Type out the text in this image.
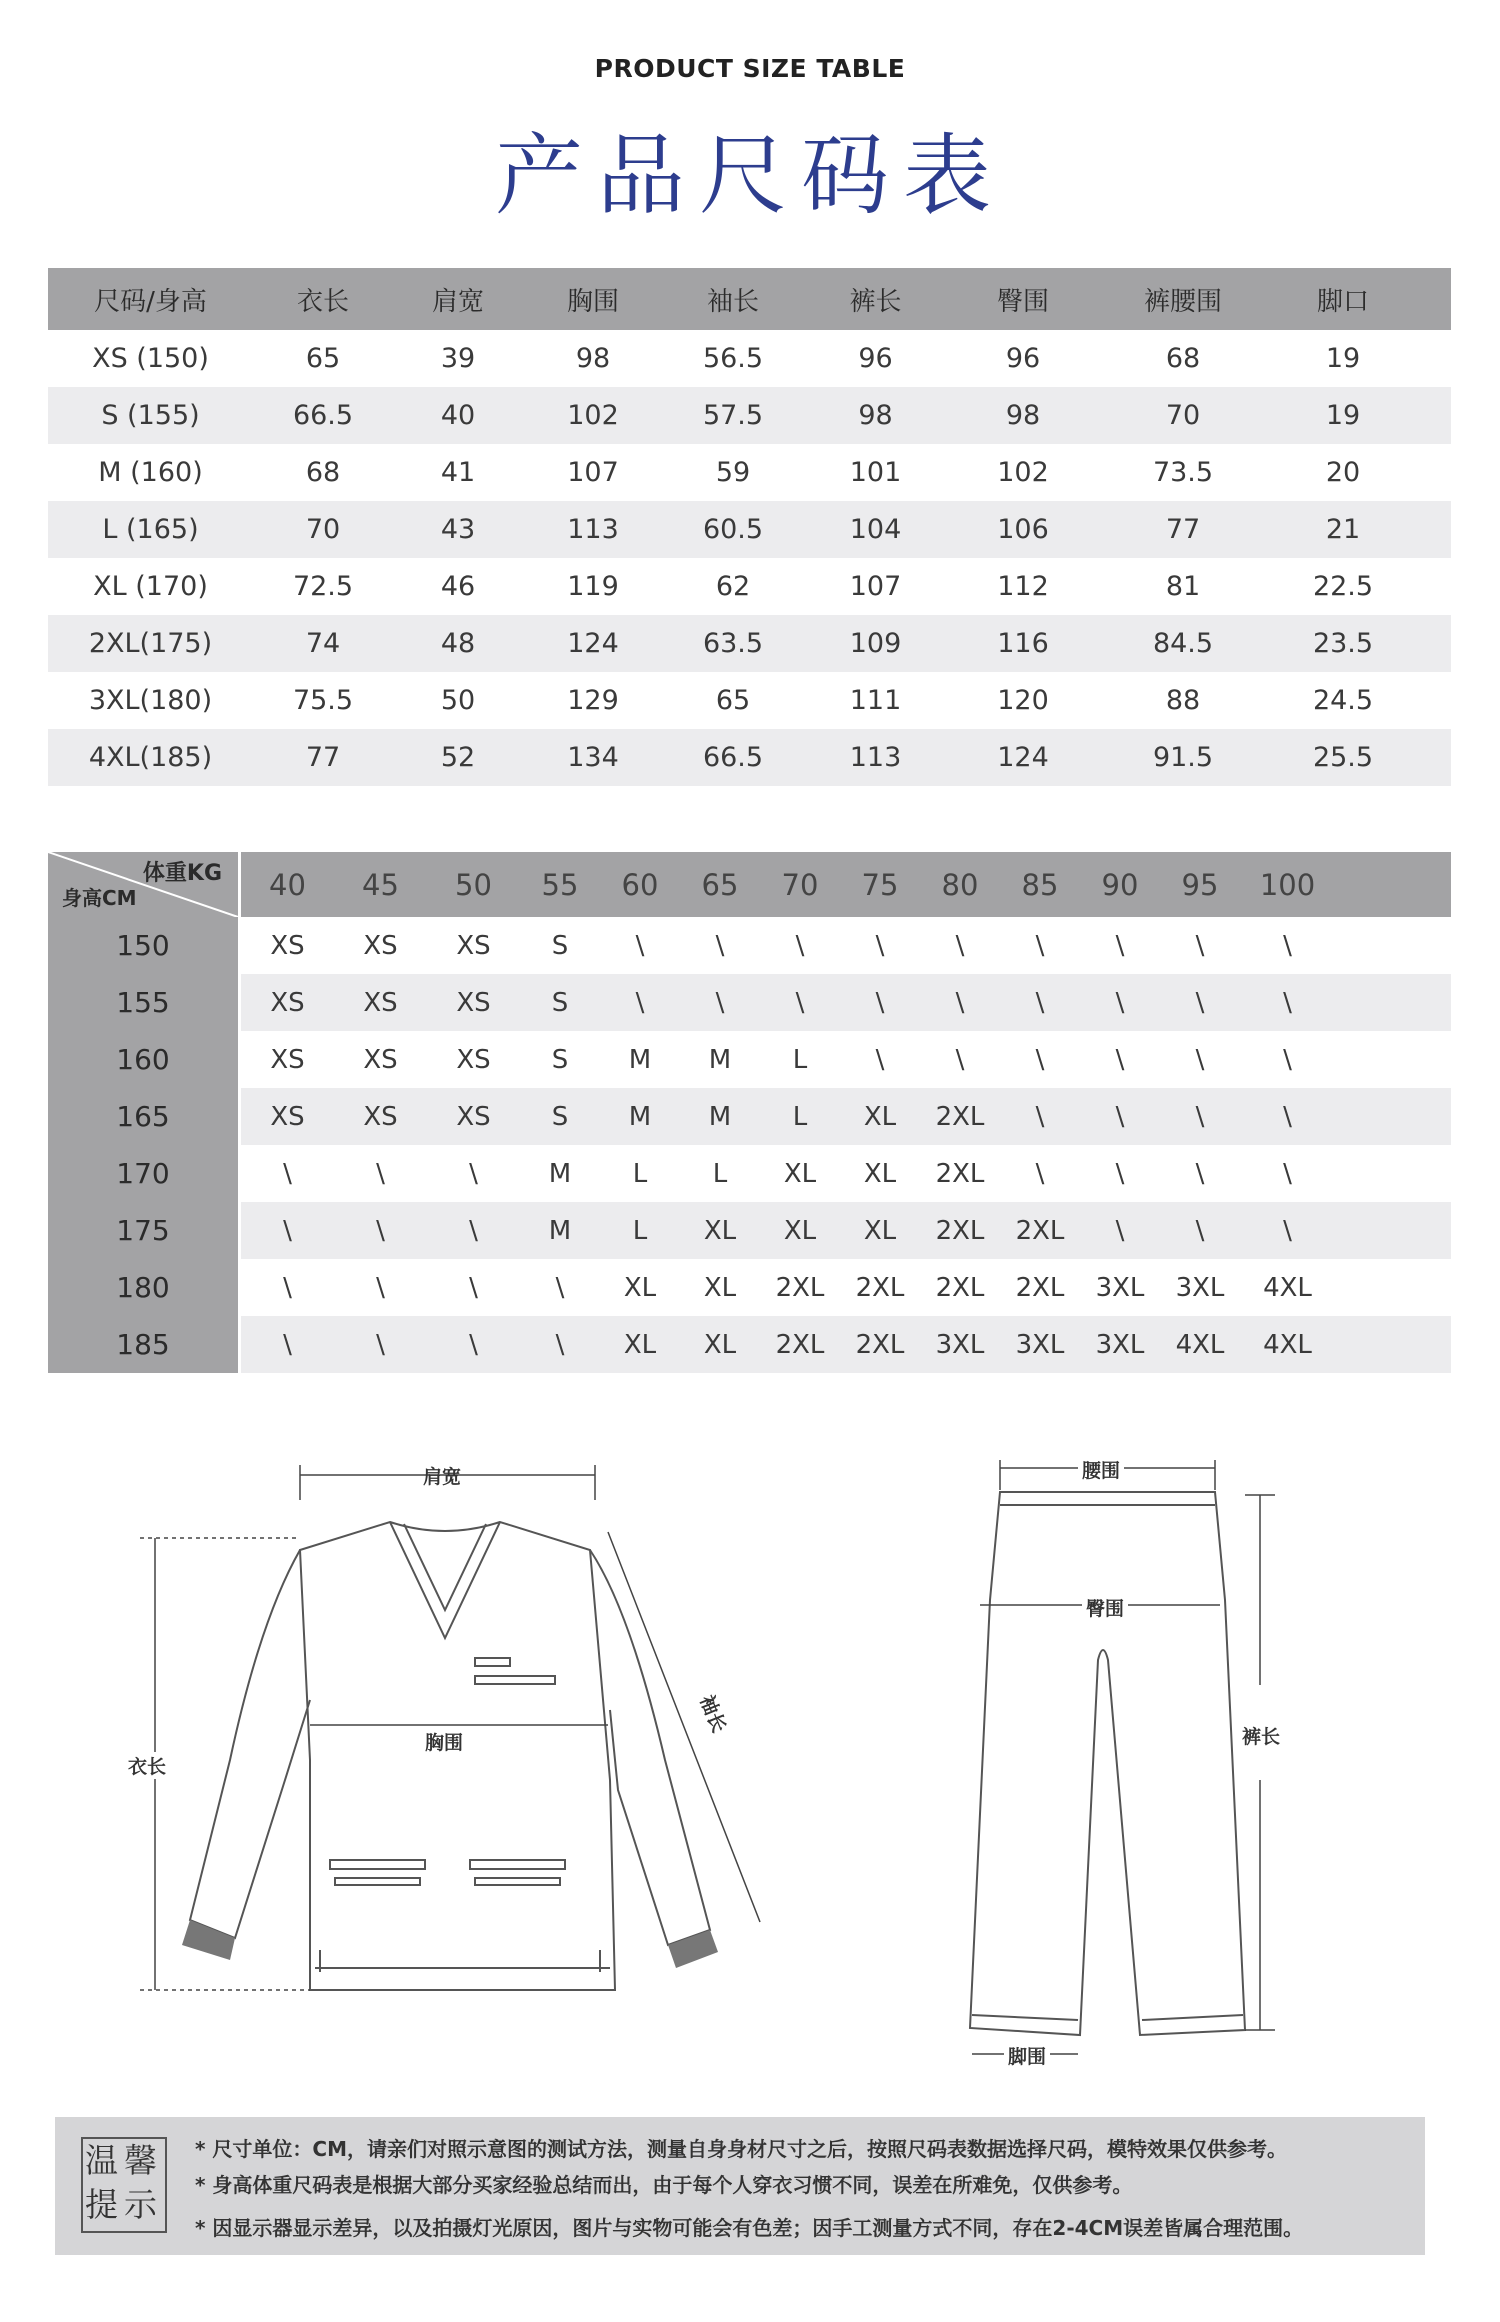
PRODUCT SIZE TABLE
产品尺码表
尺码/身高	衣长	肩宽	胸围	袖长	裤长	臀围	裤腰围	脚口
XS (150)	65	39	98	56.5	96	96	68	19
S (155)	66.5	40	102	57.5	98	98	70	19
M (160)	68	41	107	59	101	102	73.5	20
L (165)	70	43	113	60.5	104	106	77	21
XL (170)	72.5	46	119	62	107	112	81	22.5
2XL(175)	74	48	124	63.5	109	116	84.5	23.5
3XL(180)	75.5	50	129	65	111	120	88	24.5
4XL(185)	77	52	134	66.5	113	124	91.5	25.5
体重KG
身高CM	40	45	50	55	60	65	70	75	80	85	90	95	100
150	XS	XS	XS	S	\	\	\	\	\	\	\	\	\
155	XS	XS	XS	S	\	\	\	\	\	\	\	\	\
160	XS	XS	XS	S	M	M	L	\	\	\	\	\	\
165	XS	XS	XS	S	M	M	L	XL	2XL	\	\	\	\
170	\	\	\	M	L	L	XL	XL	2XL	\	\	\	\
175	\	\	\	M	L	XL	XL	XL	2XL	2XL	\	\	\
180	\	\	\	\	XL	XL	2XL	2XL	2XL	2XL	3XL	3XL	4XL
185	\	\	\	\	XL	XL	2XL	2XL	3XL	3XL	3XL	4XL	4XL
肩宽
胸围
衣长
袖长
腰围
臀围
裤长
脚围
温馨
提示
* 尺寸单位：CM，请亲们对照示意图的测试方法，测量自身身材尺寸之后，按照尺码表数据选择尺码，模特效果仅供参考。
* 身高体重尺码表是根据大部分买家经验总结而出，由于每个人穿衣习惯不同，误差在所难免，仅供参考。
* 因显示器显示差异，以及拍摄灯光原因，图片与实物可能会有色差；因手工测量方式不同，存在2-4CM误差皆属合理范围。
